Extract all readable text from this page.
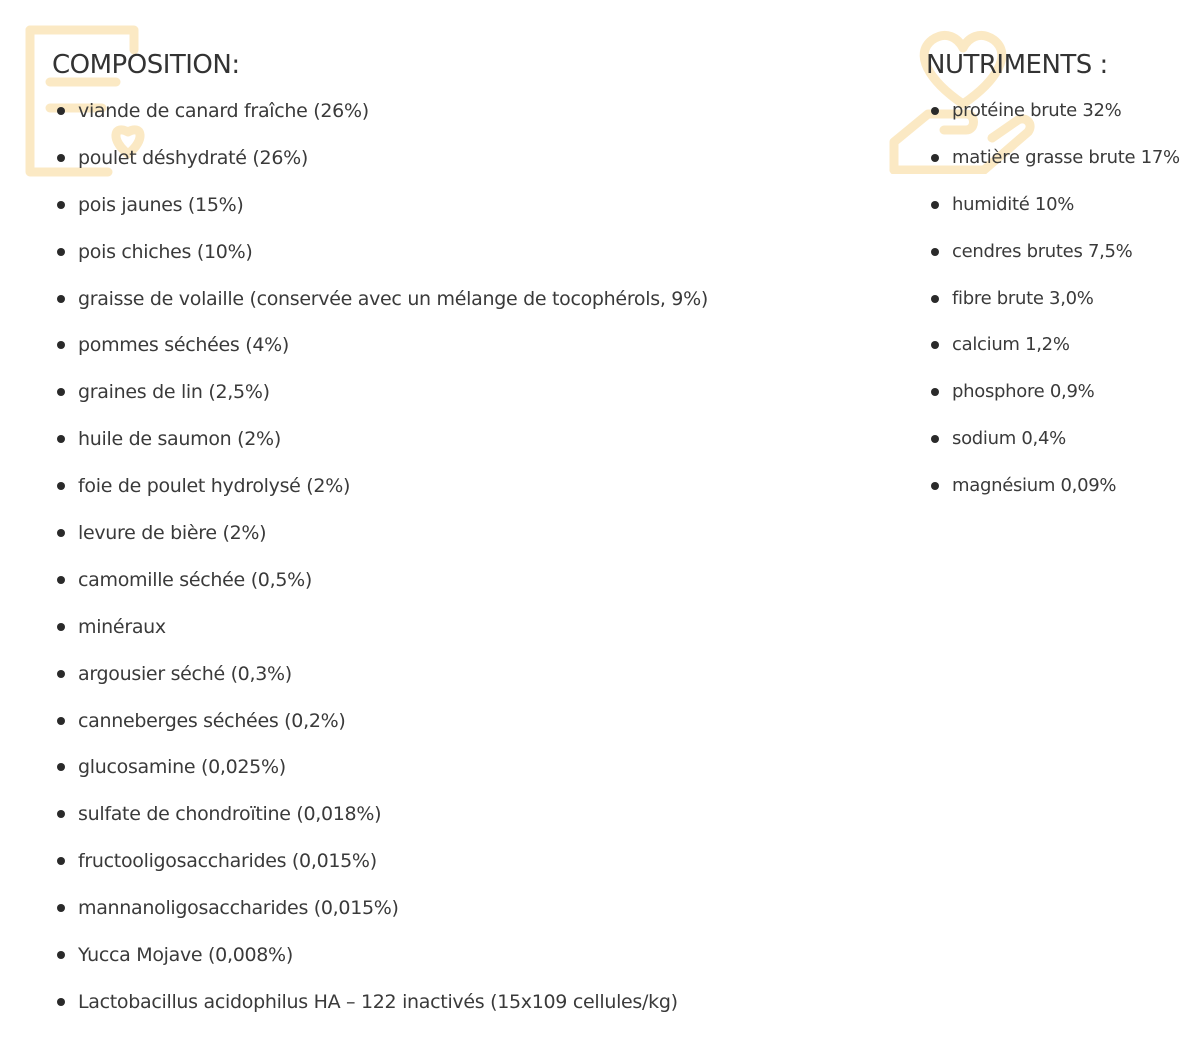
COMPOSITION:
viande de canard fraîche (26%)
poulet déshydraté (26%)
pois jaunes (15%)
pois chiches (10%)
graisse de volaille (conservée avec un mélange de tocophérols, 9%)
pommes séchées (4%)
graines de lin (2,5%)
huile de saumon (2%)
foie de poulet hydrolysé (2%)
levure de bière (2%)
camomille séchée (0,5%)
minéraux
argousier séché (0,3%)
canneberges séchées (0,2%)
glucosamine (0,025%)
sulfate de chondroïtine (0,018%)
fructooligosaccharides (0,015%)
mannanoligosaccharides (0,015%)
Yucca Mojave (0,008%)
Lactobacillus acidophilus HA – 122 inactivés (15x109 cellules/kg)
NUTRIMENTS :
protéine brute 32%
matière grasse brute 17%
humidité 10%
cendres brutes 7,5%
fibre brute 3,0%
calcium 1,2%
phosphore 0,9%
sodium 0,4%
magnésium 0,09%
